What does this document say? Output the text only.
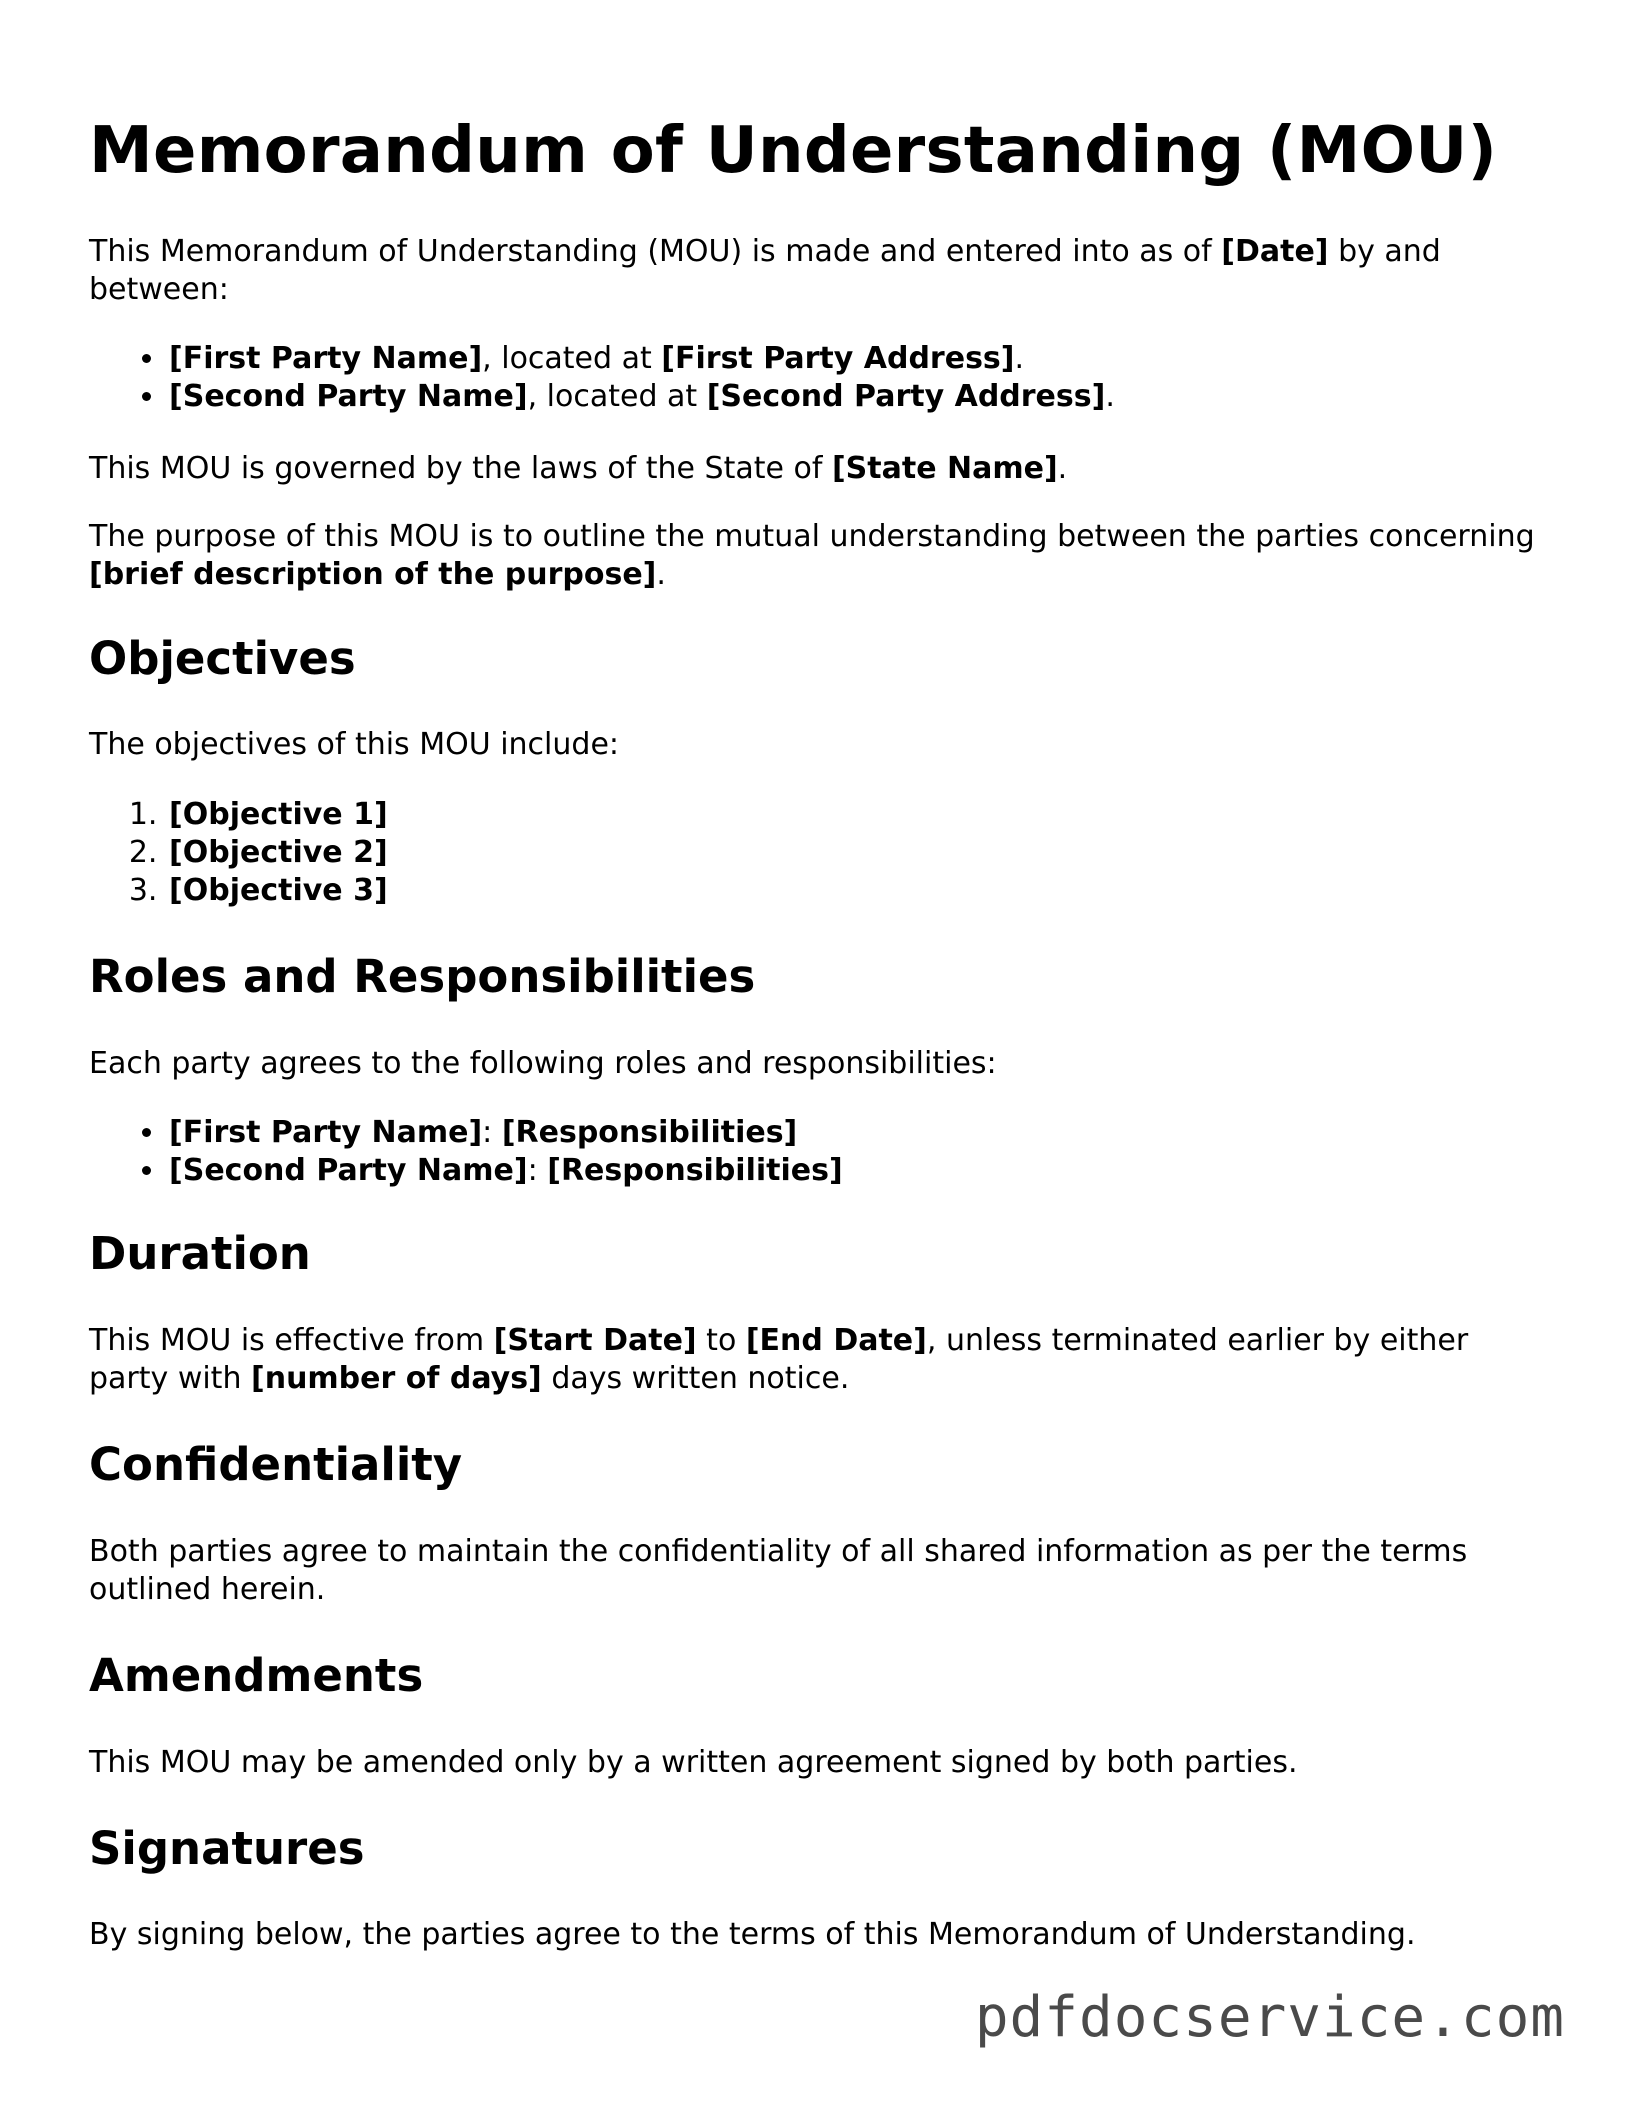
Memorandum of Understanding (MOU)

This Memorandum of Understanding (MOU) is made and entered into as of [Date] by and between:

• [First Party Name], located at [First Party Address].
• [Second Party Name], located at [Second Party Address].

This MOU is governed by the laws of the State of [State Name].

The purpose of this MOU is to outline the mutual understanding between the parties concerning [brief description of the purpose].

Objectives

The objectives of this MOU include:

1. [Objective 1]
2. [Objective 2]
3. [Objective 3]
Roles and Responsibilities

Each party agrees to the following roles and responsibilities:

• [First Party Name]: [Responsibilities]
• [Second Party Name]: [Responsibilities]
Duration

This MOU is effective from [Start Date] to [End Date], unless terminated earlier by either party with [number of days] days written notice.

Confidentiality

Both parties agree to maintain the confidentiality of all shared information as per the terms outlined herein.

Amendments

This MOU may be amended only by a written agreement signed by both parties.

Signatures

By signing below, the parties agree to the terms of this Memorandum of Understanding.

pdfdocservice.com
